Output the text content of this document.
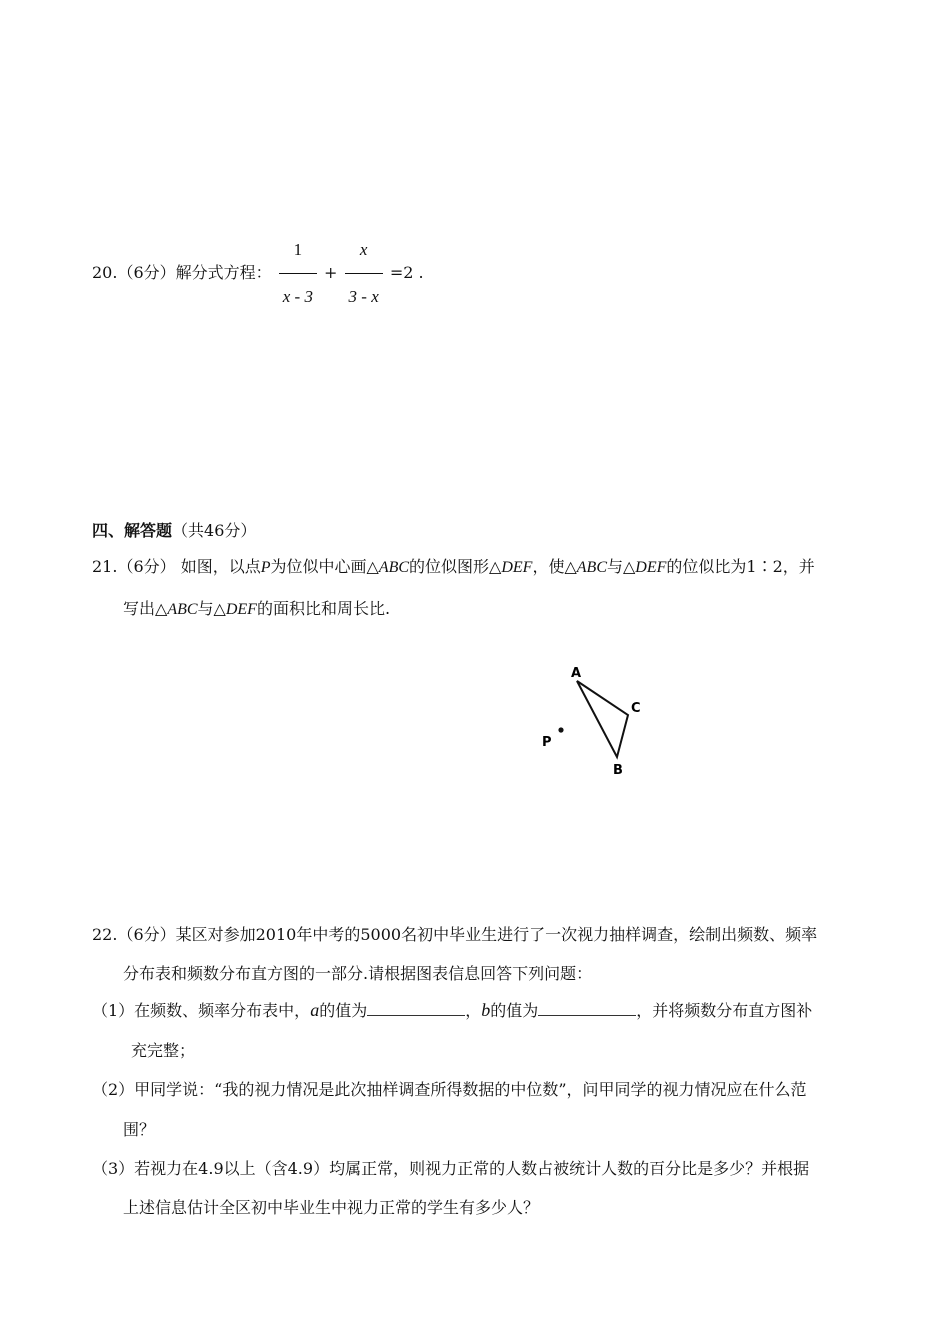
20.（6分）解分式方程： $\frac{1}{x - 3} + \frac{x}{3 - x} =2$ .
四、解答题（共46分）
21.（6分） 如图，以点P为位似中心画△ABC的位似图形△DEF，使△ABC与△DEF的位似比为1∶2，并
写出△ABC与△DEF的面积比和周长比.
A
C
P
B
22.（6分）某区对参加2010年中考的5000名初中毕业生进行了一次视力抽样调查，绘制出频数、频率
分布表和频数分布直方图的一部分.请根据图表信息回答下列问题：
（1）在频数、频率分布表中，a的值为	，b的值为	，并将频数分布直方图补
充完整；
（2）甲同学说：“我的视力情况是此次抽样调查所得数据的中位数”，问甲同学的视力情况应在什么范
围？
（3）若视力在4.9以上（含4.9）均属正常，则视力正常的人数占被统计人数的百分比是多少？并根据
上述信息估计全区初中毕业生中视力正常的学生有多少人？
